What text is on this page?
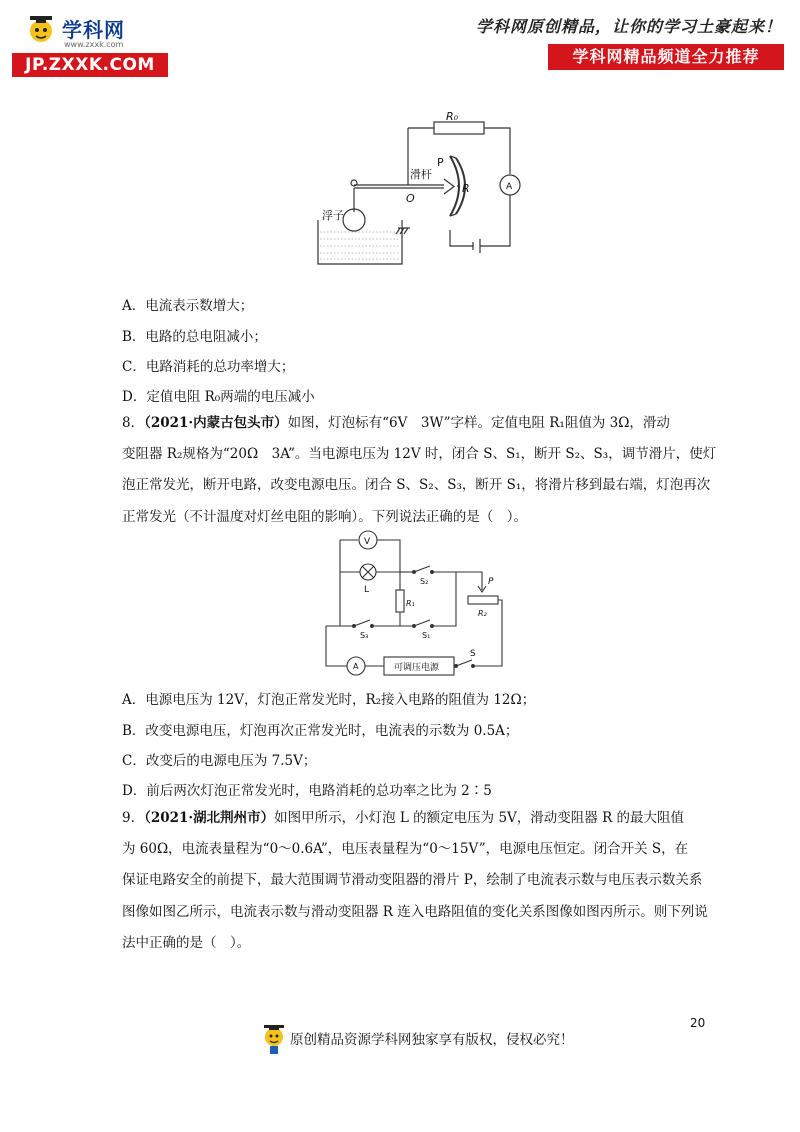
学科网
www.zxxk.com
JP.ZXXK.COM
学科网原创精品，让你的学习土豪起来！
学科网精品频道全力推荐
R₀
滑杆
P
O
R	A
浮子
A．电流表示数增大；
B．电路的总电阻减小；
C．电路消耗的总功率增大；
D．定值电阻 R₀两端的电压减小
8．（2021·内蒙古包头市）如图，灯泡标有“6V　3W”字样。定值电阻 R₁阻值为 3Ω，滑动
变阻器 R₂规格为“20Ω　3A”。当电源电压为 12V 时，闭合 S、S₁，断开 S₂、S₃，调节滑片，使灯
泡正常发光，断开电路，改变电源电压。闭合 S、S₂、S₃，断开 S₁，将滑片移到最右端，灯泡再次
正常发光（不计温度对灯丝电阻的影响）。下列说法正确的是（　）。
V
L
S₂
R₁
S₃	S₁
P
R₂
A	可调压电源
S
A．电源电压为 12V，灯泡正常发光时，R₂接入电路的阻值为 12Ω；
B．改变电源电压，灯泡再次正常发光时，电流表的示数为 0.5A；
C．改变后的电源电压为 7.5V；
D．前后两次灯泡正常发光时，电路消耗的总功率之比为 2∶5
9．（2021·湖北荆州市）如图甲所示，小灯泡 L 的额定电压为 5V，滑动变阻器 R 的最大阻值
为 60Ω，电流表量程为“0～0.6A”，电压表量程为“0～15V”，电源电压恒定。闭合开关 S，在
保证电路安全的前提下，最大范围调节滑动变阻器的滑片 P，绘制了电流表示数与电压表示数关系
图像如图乙所示，电流表示数与滑动变阻器 R 连入电路阻值的变化关系图像如图丙所示。则下列说
法中正确的是（　）。
20
原创精品资源学科网独家享有版权，侵权必究！
